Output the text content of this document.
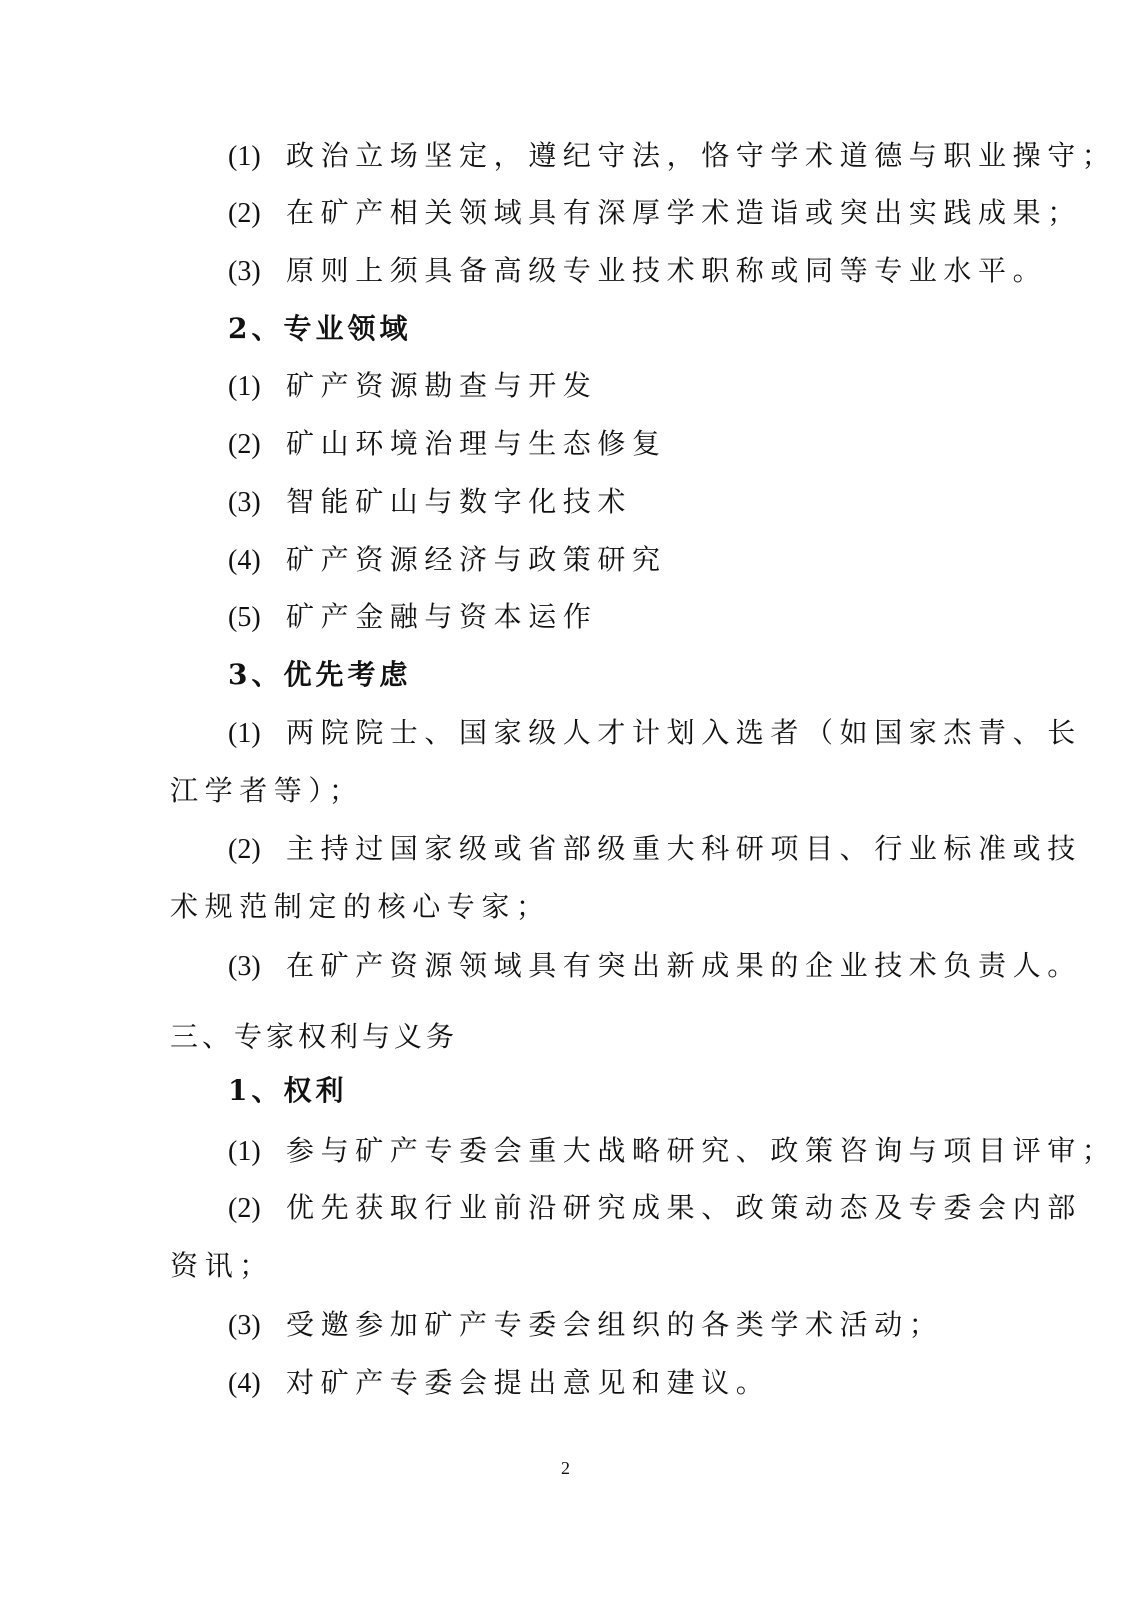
(1) 政治立场坚定，遵纪守法，恪守学术道德与职业操守；
(2) 在矿产相关领域具有深厚学术造诣或突出实践成果；
(3) 原则上须具备高级专业技术职称或同等专业水平。
2、专业领域
(1) 矿产资源勘查与开发
(2) 矿山环境治理与生态修复
(3) 智能矿山与数字化技术
(4) 矿产资源经济与政策研究
(5) 矿产金融与资本运作
3、优先考虑
(1) 两院院士、国家级人才计划入选者（如国家杰青、长
江学者等）；
(2) 主持过国家级或省部级重大科研项目、行业标准或技
术规范制定的核心专家；
(3) 在矿产资源领域具有突出新成果的企业技术负责人。
三、专家权利与义务
1、权利
(1) 参与矿产专委会重大战略研究、政策咨询与项目评审；
(2) 优先获取行业前沿研究成果、政策动态及专委会内部
资讯；
(3) 受邀参加矿产专委会组织的各类学术活动；
(4) 对矿产专委会提出意见和建议。
2
